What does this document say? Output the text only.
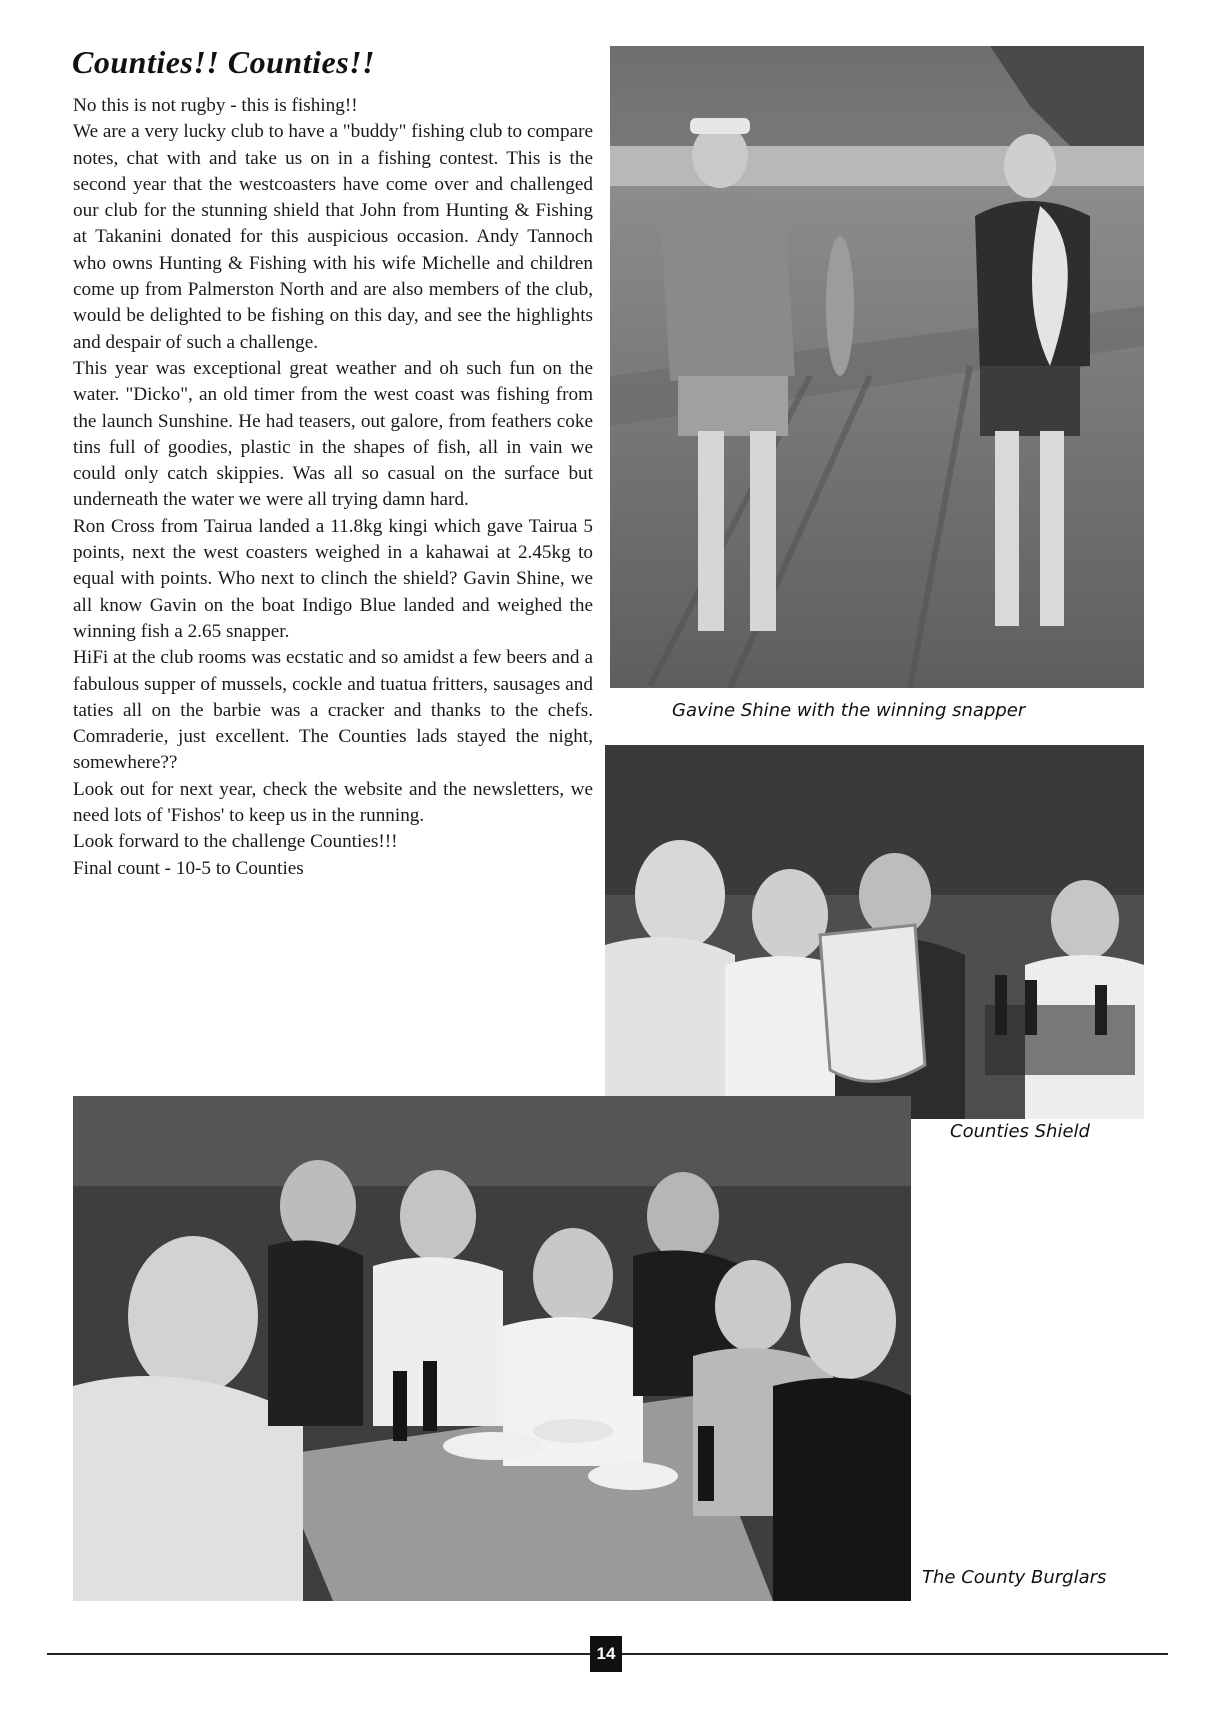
Counties!! Counties!!

No this is not rugby - this is fishing!!

We are a very lucky club to have a "buddy" fishing club to compare notes, chat with and take us on in a fishing contest. This is the second year that the westcoasters have come over and challenged our club for the stunning shield that John from Hunting & Fishing at Takanini donated for this auspicious occasion. Andy Tannoch who owns Hunting & Fishing with his wife Michelle and children come up from Palmerston North and are also members of the club, would be delighted to be fishing on this day, and see the highlights and despair of such a challenge.

This year was exceptional great weather and oh such fun on the water. "Dicko", an old timer from the west coast was fishing from the launch Sunshine. He had teasers, out galore, from feathers coke tins full of goodies, plastic in the shapes of fish, all in vain we could only catch skippies. Was all so casual on the surface but underneath the water we were all trying damn hard.

Ron Cross from Tairua landed a 11.8kg kingi which gave Tairua 5 points, next the west coasters weighed in a kahawai at 2.45kg to equal with points. Who next to clinch the shield? Gavin Shine, we all know Gavin on the boat Indigo Blue landed and weighed the winning fish a 2.65 snapper.

HiFi at the club rooms was ecstatic and so amidst a few beers and a fabulous supper of mussels, cockle and tuatua fritters, sausages and taties all on the barbie was a cracker and thanks to the chefs. Comraderie, just excellent. The Counties lads stayed the night, somewhere??

Look out for next year, check the website and the newsletters, we need lots of 'Fishos' to keep us in the running.

Look forward to the challenge Counties!!!

Final count - 10-5 to Counties

Gavine Shine with the winning snapper
Counties Shield
The County Burglars
14
